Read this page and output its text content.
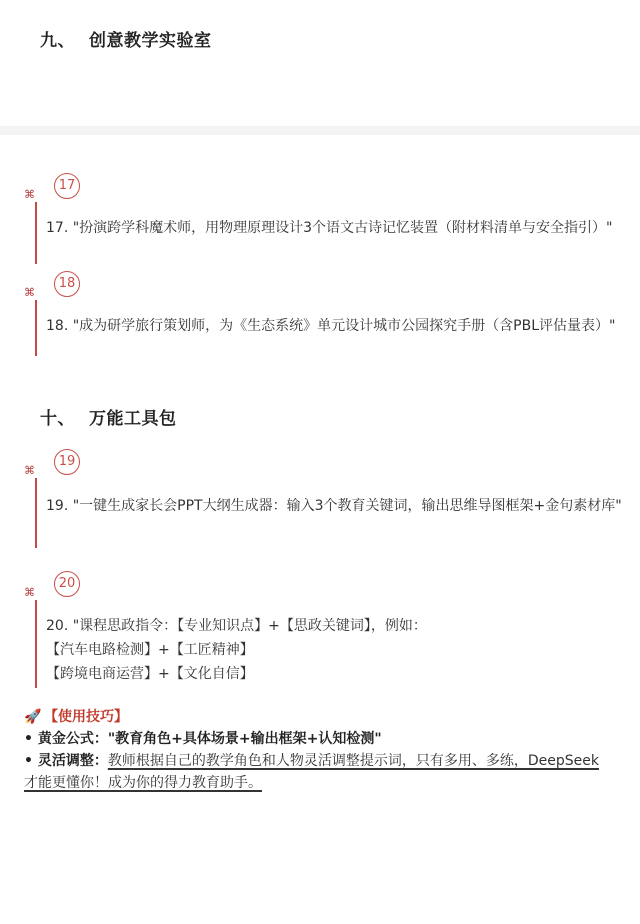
九、 创意教学实验室
17
⌘
17. "扮演跨学科魔术师，用物理原理设计3个语文古诗记忆装置（附材料清单与安全指引）"
18
⌘
18. "成为研学旅行策划师，为《生态系统》单元设计城市公园探究手册（含PBL评估量表）"
十、 万能工具包
19
⌘
19. "一键生成家长会PPT大纲生成器：输入3个教育关键词，输出思维导图框架+金句素材库"
20
⌘
20. "课程思政指令：【专业知识点】+【思政关键词】，例如：
【汽车电路检测】+【工匠精神】
【跨境电商运营】+【文化自信】
🚀 【使用技巧】
• 黄金公式："教育角色+具体场景+输出框架+认知检测"
• 灵活调整：教师根据自己的教学角色和人物灵活调整提示词，只有多用、多练，DeepSeek
才能更懂你！成为你的得力教育助手。
